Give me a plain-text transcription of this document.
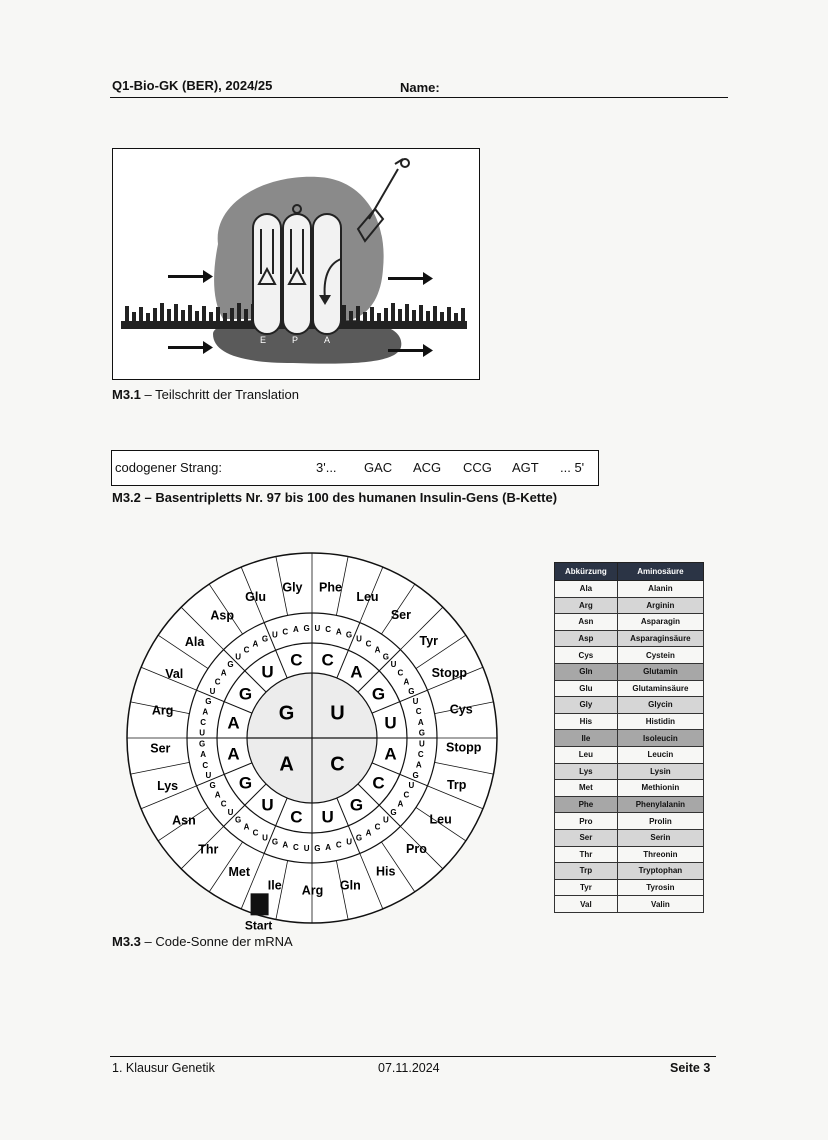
Q1-Bio-GK (BER), 2024/25	Name:
E	P	A
M3.1 – Teilschritt der Translation
codogener Strang:	3'... GAC ACG CCG AGT ... 5'
M3.2 – Basentripletts Nr. 97 bis 100 des humanen Insulin-Gens (B-Kette)
G U
A C
A
G
U
C C
A
G
U
A
C
G
U
C
U
G
A
U C A G U
C
A
G
U
C
A
G
U
C
A
G
U
C
A
G
U
C
A
G
U
C
A
G
U
C
A
G
U
C
A
G
U
C
A
G
U
C
A
G
U
C
A
G
U
C
A
G
U
C
A
G
U
C
A
G U C A G
Phe
Leu
Ser
Tyr
Stopp
Cys
Stopp
Trp
Leu
Pro
His
Gln
Arg
Ile
Met
Thr
Asn
Lys
Ser
Arg
Val
Ala
Asp
Glu
Gly
Start
Abkürzung	Aminosäure
Ala	Alanin
Arg	Arginin
Asn	Asparagin
Asp	Asparaginsäure
Cys	Cystein
Gln	Glutamin
Glu	Glutaminsäure
Gly	Glycin
His	Histidin
Ile	Isoleucin
Leu	Leucin
Lys	Lysin
Met	Methionin
Phe	Phenylalanin
Pro	Prolin
Ser	Serin
Thr	Threonin
Trp	Tryptophan
Tyr	Tyrosin
Val	Valin
M3.3 – Code-Sonne der mRNA
1. Klausur Genetik	07.11.2024	Seite 3
